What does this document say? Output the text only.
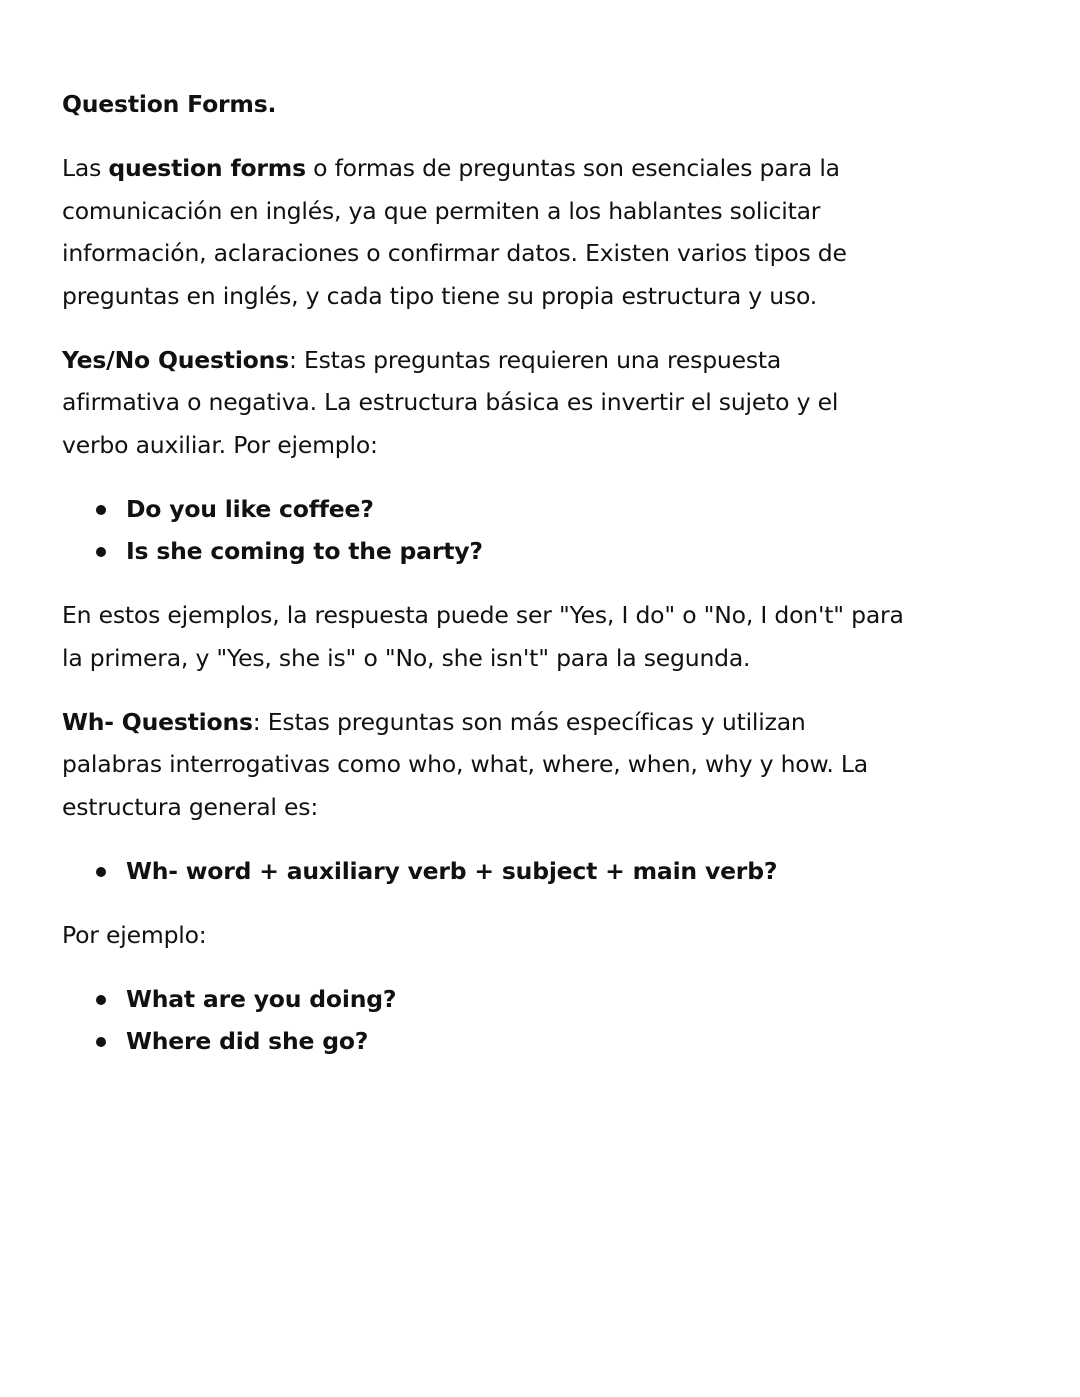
Question Forms.
Las question forms o formas de preguntas son esenciales para la
comunicación en inglés, ya que permiten a los hablantes solicitar
información, aclaraciones o confirmar datos. Existen varios tipos de
preguntas en inglés, y cada tipo tiene su propia estructura y uso.
Yes/No Questions: Estas preguntas requieren una respuesta
afirmativa o negativa. La estructura básica es invertir el sujeto y el
verbo auxiliar. Por ejemplo:
Do you like coffee?
Is she coming to the party?
En estos ejemplos, la respuesta puede ser "Yes, I do" o "No, I don't" para
la primera, y "Yes, she is" o "No, she isn't" para la segunda.
Wh- Questions: Estas preguntas son más específicas y utilizan
palabras interrogativas como who, what, where, when, why y how. La
estructura general es:
Wh- word + auxiliary verb + subject + main verb?
Por ejemplo:
What are you doing?
Where did she go?
